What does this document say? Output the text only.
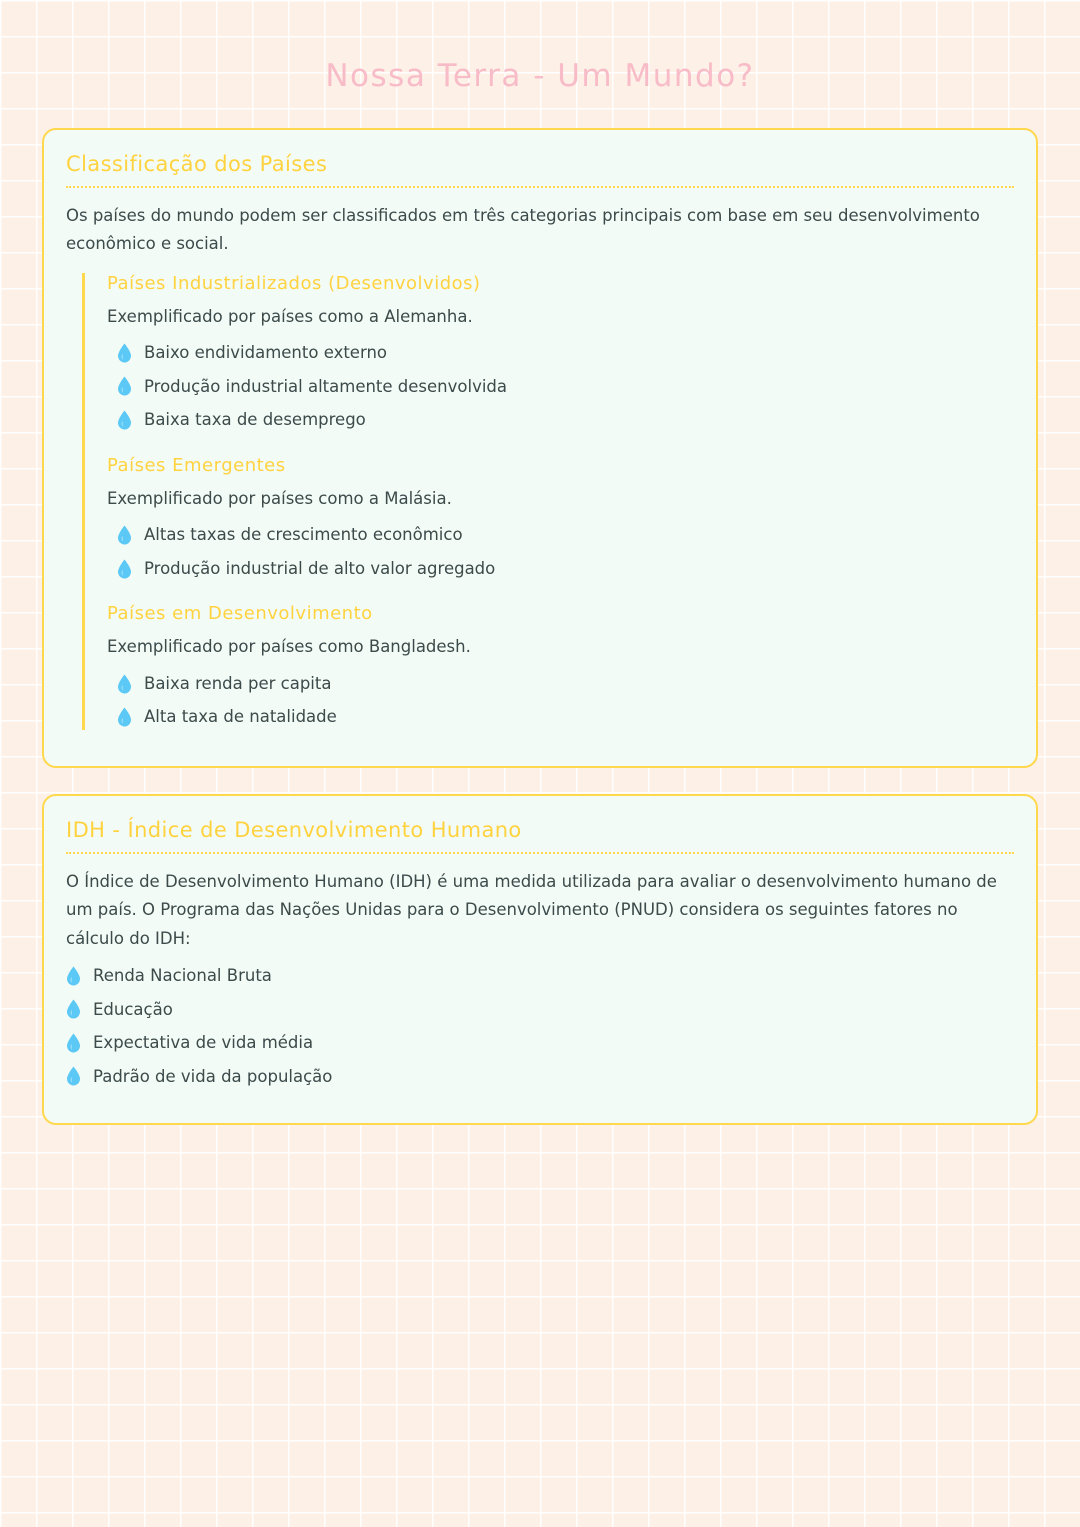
Nossa Terra - Um Mundo?
Classificação dos Países

Os países do mundo podem ser classificados em três categorias principais com base em seu desenvolvimento econômico e social.

Países Industrializados (Desenvolvidos)

Exemplificado por países como a Alemanha.

Baixo endividamento externo
Produção industrial altamente desenvolvida
Baixa taxa de desemprego
Países Emergentes

Exemplificado por países como a Malásia.

Altas taxas de crescimento econômico
Produção industrial de alto valor agregado
Países em Desenvolvimento

Exemplificado por países como Bangladesh.

Baixa renda per capita
Alta taxa de natalidade
IDH - Índice de Desenvolvimento Humano

O Índice de Desenvolvimento Humano (IDH) é uma medida utilizada para avaliar o desenvolvimento humano de um país. O Programa das Nações Unidas para o Desenvolvimento (PNUD) considera os seguintes fatores no cálculo do IDH:

Renda Nacional Bruta
Educação
Expectativa de vida média
Padrão de vida da população
